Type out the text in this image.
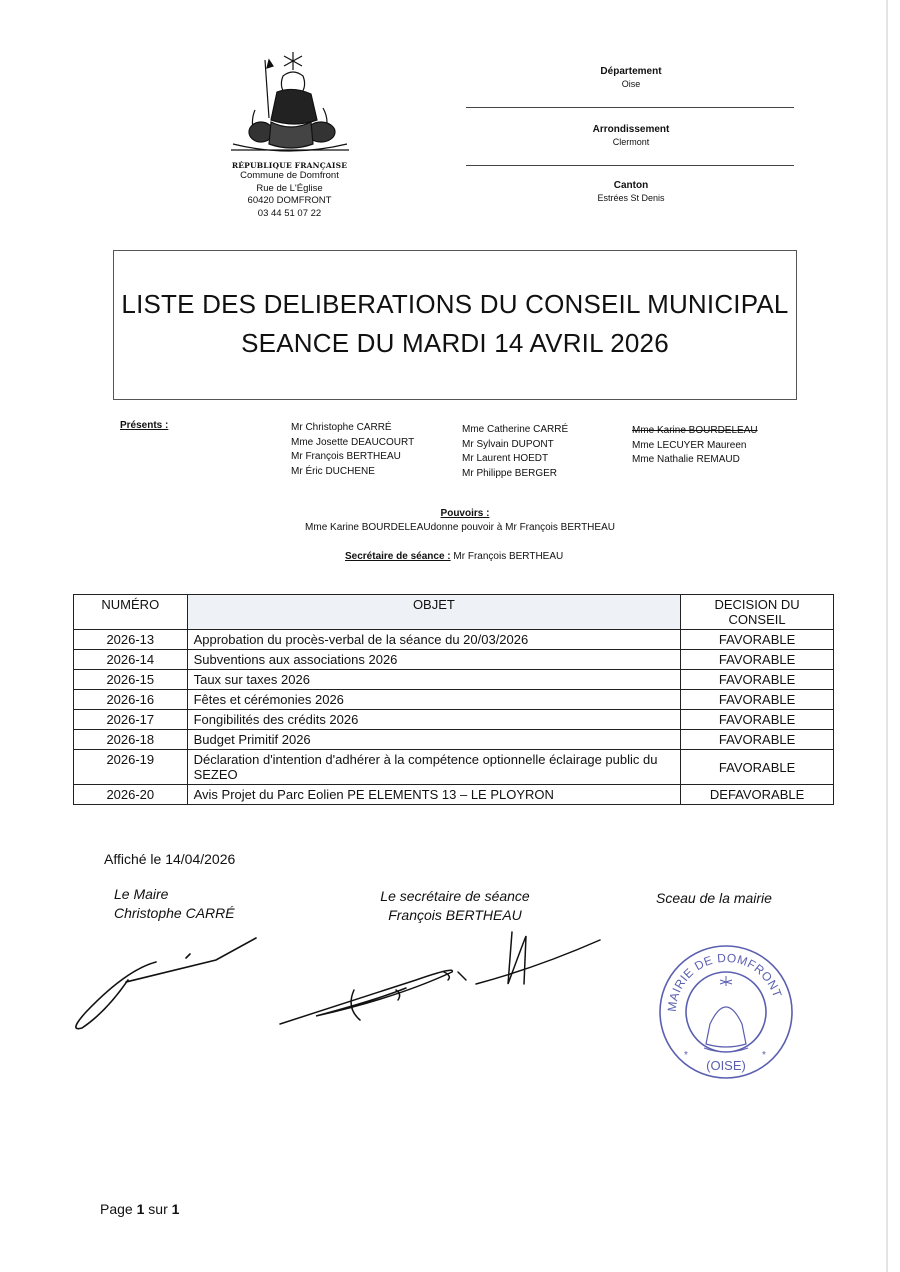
RÉPUBLIQUE FRANÇAISE
Commune de Domfront
Rue de L'Église
60420 DOMFRONT
03 44 51 07 22
Département
Oise
Arrondissement
Clermont
Canton
Estrées St Denis
LISTE DES DELIBERATIONS DU CONSEIL MUNICIPAL
SEANCE DU MARDI 14 AVRIL 2026
Présents :	Mr Christophe CARRÉ
Mme Josette DEAUCOURT
Mr François BERTHEAU
Mr Éric DUCHENE
Mme Catherine CARRÉ
Mr Sylvain DUPONT
Mr Laurent HOEDT
Mr Philippe BERGER
Mme Karine BOURDELEAU
Mme LECUYER Maureen
Mme Nathalie REMAUD
Pouvoirs :
Mme Karine BOURDELEAUdonne pouvoir à Mr François BERTHEAU
Secrétaire de séance : Mr François BERTHEAU
NUMÉRO	OBJET	DECISION DU CONSEIL
2026-13	Approbation du procès-verbal de la séance du 20/03/2026	FAVORABLE
2026-14	Subventions aux associations 2026	FAVORABLE
2026-15	Taux sur taxes 2026	FAVORABLE
2026-16	Fêtes et cérémonies 2026	FAVORABLE
2026-17	Fongibilités des crédits 2026	FAVORABLE
2026-18	Budget Primitif 2026	FAVORABLE
2026-19	Déclaration d'intention d'adhérer à la compétence optionnelle éclairage public du SEZEO	FAVORABLE
2026-20	Avis Projet du Parc Eolien PE ELEMENTS 13 – LE PLOYRON	DEFAVORABLE
Affiché le 14/04/2026
Le Maire
Christophe CARRÉ
Le secrétaire de séance
François BERTHEAU
Sceau de la mairie
MAIRIE DE DOMFRONT
(OISE)
*	*
Page 1 sur 1
